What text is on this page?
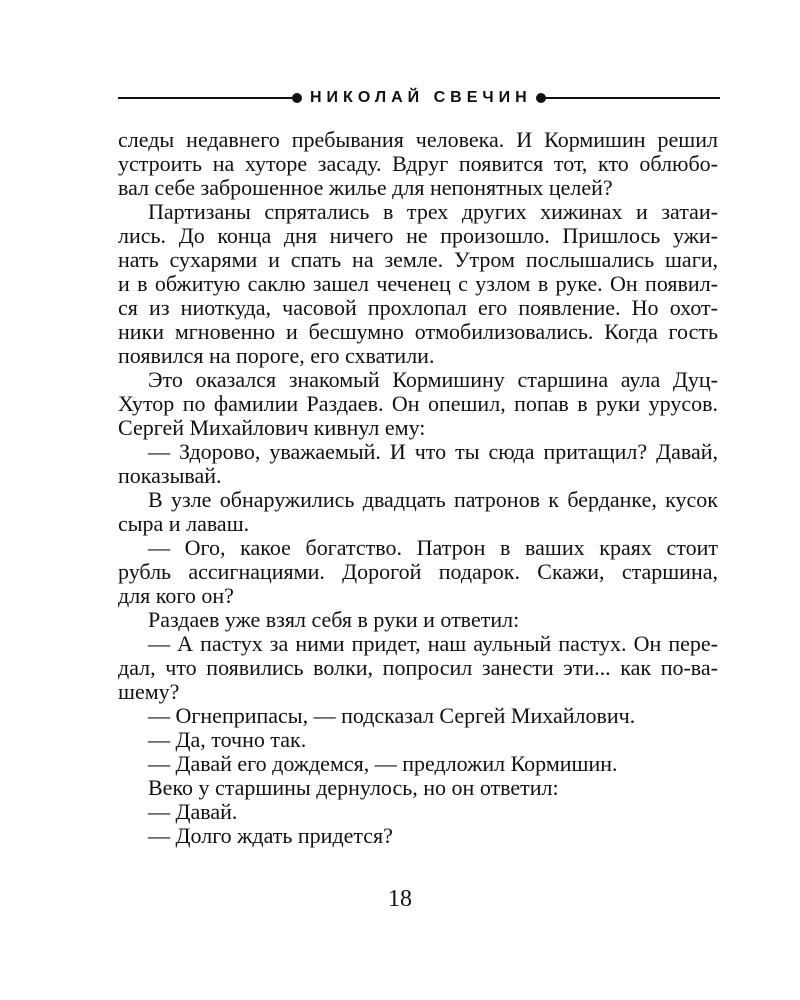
НИКОЛАЙ СВЕЧИН
следы недавнего пребывания человека. И Кормишин решил
устроить на хуторе засаду. Вдруг появится тот, кто облюбо-
вал себе заброшенное жилье для непонятных целей?
Партизаны спрятались в трех других хижинах и затаи-
лись. До конца дня ничего не произошло. Пришлось ужи-
нать сухарями и спать на земле. Утром послышались шаги,
и в обжитую саклю зашел чеченец с узлом в руке. Он появил-
ся из ниоткуда, часовой прохлопал его появление. Но охот-
ники мгновенно и бесшумно отмобилизовались. Когда гость
появился на пороге, его схватили.
Это оказался знакомый Кормишину старшина аула Дуц-
Хутор по фамилии Раздаев. Он опешил, попав в руки урусов.
Сергей Михайлович кивнул ему:
— Здорово, уважаемый. И что ты сюда притащил? Давай,
показывай.
В узле обнаружились двадцать патронов к берданке, кусок
сыра и лаваш.
— Ого, какое богатство. Патрон в ваших краях стоит
рубль ассигнациями. Дорогой подарок. Скажи, старшина,
для кого он?
Раздаев уже взял себя в руки и ответил:
— А пастух за ними придет, наш аульный пастух. Он пере-
дал, что появились волки, попросил занести эти... как по-ва-
шему?
— Огнеприпасы, — подсказал Сергей Михайлович.
— Да, точно так.
— Давай его дождемся, — предложил Кормишин.
Веко у старшины дернулось, но он ответил:
— Давай.
— Долго ждать придется?
18
